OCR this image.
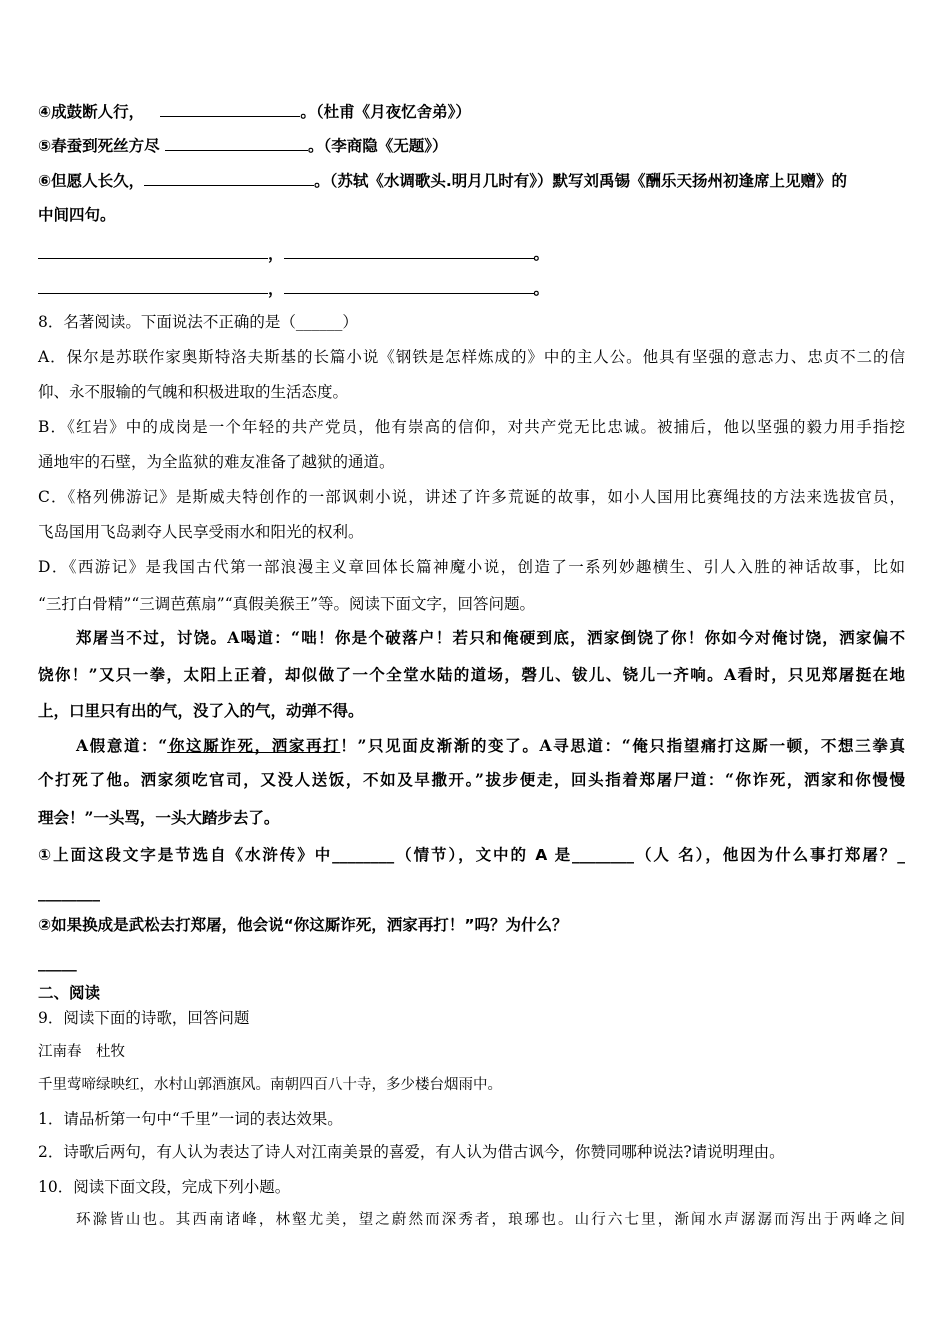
④成鼓断人行，	。（杜甫《月夜忆舍弟》）
⑤春蚕到死丝方尽	。（李商隐《无题》）
⑥但愿人长久，	。（苏轼《水调歌头.明月几时有》）默写刘禹锡《酬乐天扬州初逢席上见赠》的
中间四句。
，	。
，	。
8．名著阅读。下面说法不正确的是（______）
A．保尔是苏联作家奥斯特洛夫斯基的长篇小说《钢铁是怎样炼成的》中的主人公。他具有坚强的意志力、忠贞不二的信
仰、永不服输的气魄和积极进取的生活态度。
B．《红岩》中的成岗是一个年轻的共产党员，他有崇高的信仰，对共产党无比忠诚。被捕后，他以坚强的毅力用手指挖
通地牢的石壁，为全监狱的难友准备了越狱的通道。
C．《格列佛游记》是斯威夫特创作的一部讽刺小说，讲述了许多荒诞的故事，如小人国用比赛绳技的方法来选拔官员，
飞岛国用飞岛剥夺人民享受雨水和阳光的权利。
D．《西游记》是我国古代第一部浪漫主义章回体长篇神魔小说，创造了一系列妙趣横生、引人入胜的神话故事，比如
“三打白骨精”“三调芭蕉扇”“真假美猴王”等。阅读下面文字，回答问题。
郑屠当不过，讨饶。A喝道：“咄！你是个破落户！若只和俺硬到底，洒家倒饶了你！你如今对俺讨饶，洒家偏不
饶你！”又只一拳，太阳上正着，却似做了一个全堂水陆的道场，磬儿、钹儿、铙儿一齐响。A看时，只见郑屠挺在地
上，口里只有出的气，没了入的气，动弹不得。
A假意道：“你这厮诈死，洒家再打！”只见面皮渐渐的变了。A寻思道：“俺只指望痛打这厮一顿，不想三拳真
个打死了他。洒家须吃官司，又没人送饭，不如及早撒开。”拔步便走，回头指着郑屠尸道：“你诈死，洒家和你慢慢
理会！”一头骂，一头大踏步去了。
①上面这段文字是节选自《水浒传》中________（情节），文中的 A 是________（人 名），他因为什么事打郑屠？_
________
②如果换成是武松去打郑屠，他会说“你这厮诈死，洒家再打！”吗？为什么？
_____
二、阅读
9．阅读下面的诗歌，回答问题
江南春　杜牧
千里莺啼绿映红，水村山郭酒旗风。南朝四百八十寺，多少楼台烟雨中。
1．请品析第一句中“千里”一词的表达效果。
2．诗歌后两句，有人认为表达了诗人对江南美景的喜爱，有人认为借古讽今，你赞同哪种说法?请说明理由。
10．阅读下面文段，完成下列小题。
环滁皆山也。其西南诸峰，林壑尤美，望之蔚然而深秀者，琅琊也。山行六七里，渐闻水声潺潺而泻出于两峰之间
